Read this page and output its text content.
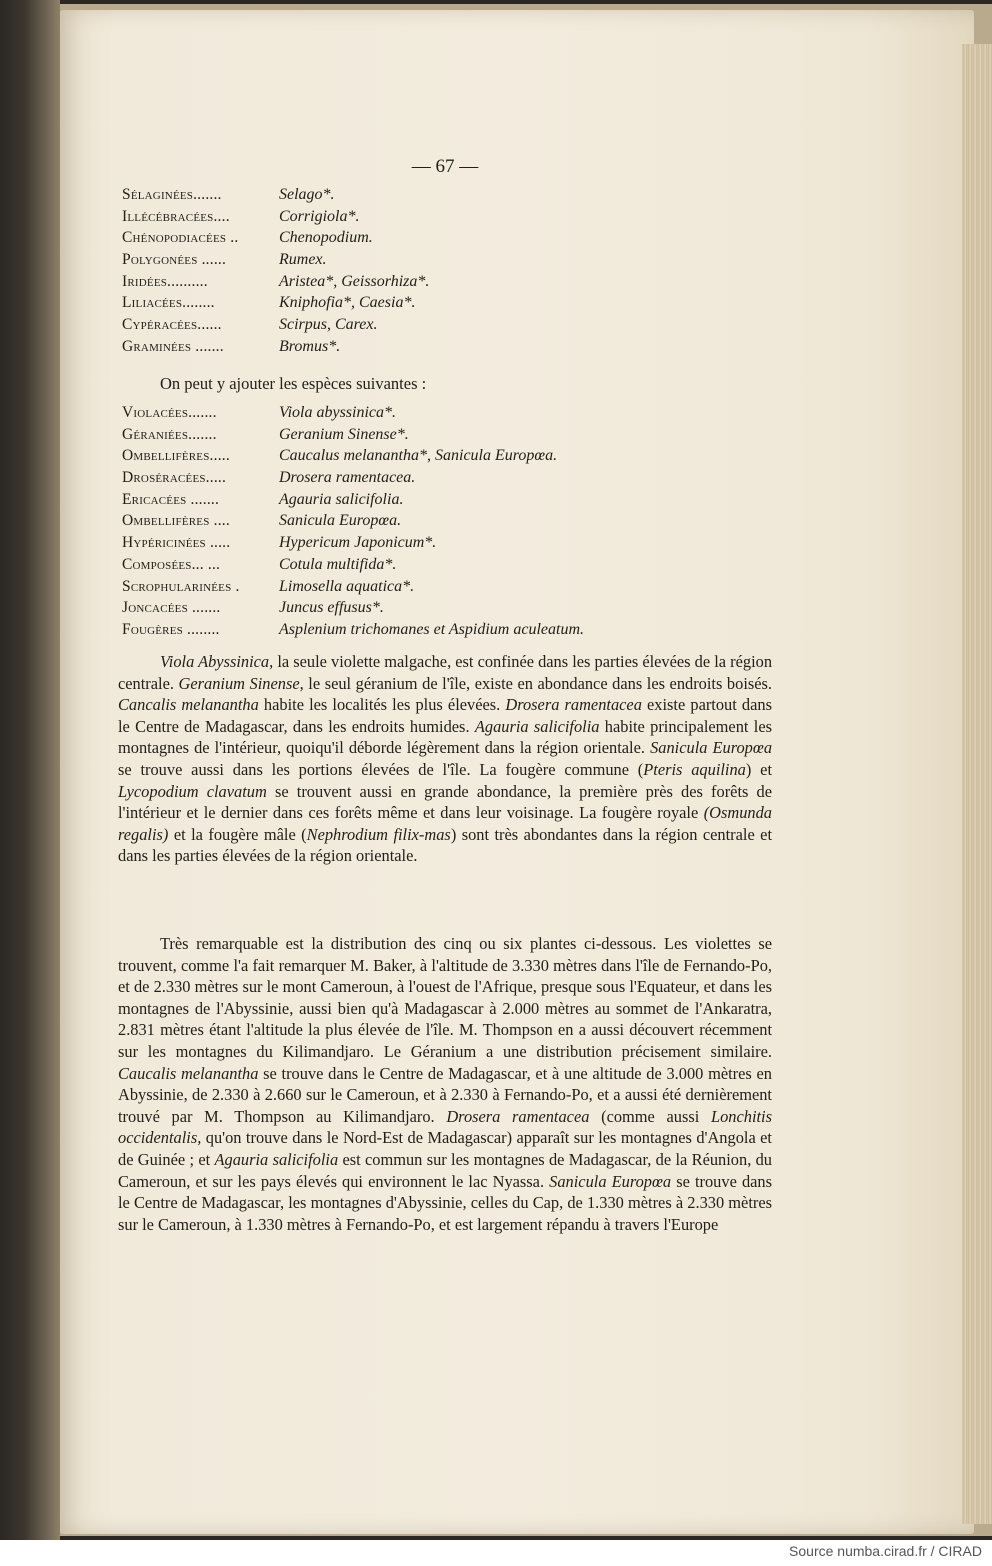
— 67 —
Sélaginées.......	Selago*.
Illécébracées....	Corrigiola*.
Chénopodiacées ..	Chenopodium.
Polygonées ......	Rumex.
Iridées..........	Aristea*, Geissorhiza*.
Liliacées........	Kniphofia*, Caesia*.
Cypéracées......	Scirpus, Carex.
Graminées .......	Bromus*.
On peut y ajouter les espèces suivantes :
Violacées.......	Viola abyssinica*.
Géraniées.......	Geranium Sinense*.
Ombellifères.....	Caucalus melanantha*, Sanicula Europœa.
Droséracées.....	Drosera ramentacea.
Ericacées .......	Agauria salicifolia.
Ombellifères ....	Sanicula Europœa.
Hypéricinées .....	Hypericum Japonicum*.
Composées... ...	Cotula multifida*.
Scrophularinées . Limosella aquatica*.
Joncacées .......	Juncus effusus*.
Fougères ........	Asplenium trichomanes et Aspidium aculeatum.
Viola Abyssinica, la seule violette malgache, est confinée dans les parties élevées de la région centrale. Geranium Sinense, le seul géranium de l'île, existe en abondance dans les endroits boisés. Cancalis melanantha habite les localités les plus élevées. Drosera ramentacea existe partout dans le Centre de Madagascar, dans les endroits humides. Agauria salicifolia habite principalement les montagnes de l'intérieur, quoiqu'il déborde légèrement dans la région orientale. Sanicula Europœa se trouve aussi dans les portions élevées de l'île. La fougère commune (Pteris aquilina) et Lycopodium clavatum se trouvent aussi en grande abondance, la première près des forêts de l'intérieur et le dernier dans ces forêts même et dans leur voisinage. La fougère royale (Osmunda regalis) et la fougère mâle (Nephrodium filix-mas) sont très abondantes dans la région centrale et dans les parties élevées de la région orientale.
Très remarquable est la distribution des cinq ou six plantes ci-dessous. Les violettes se trouvent, comme l'a fait remarquer M. Baker, à l'altitude de 3.330 mètres dans l'île de Fernando-Po, et de 2.330 mètres sur le mont Cameroun, à l'ouest de l'Afrique, presque sous l'Equateur, et dans les montagnes de l'Abyssinie, aussi bien qu'à Madagascar à 2.000 mètres au sommet de l'Ankaratra, 2.831 mètres étant l'altitude la plus élevée de l'île. M. Thompson en a aussi découvert récemment sur les montagnes du Kilimandjaro. Le Géranium a une distribution précisement similaire. Caucalis melanantha se trouve dans le Centre de Madagascar, et à une altitude de 3.000 mètres en Abyssinie, de 2.330 à 2.660 sur le Cameroun, et à 2.330 à Fernando-Po, et a aussi été dernièrement trouvé par M. Thompson au Kilimandjaro. Drosera ramentacea (comme aussi Lonchitis occidentalis, qu'on trouve dans le Nord-Est de Madagascar) apparaît sur les montagnes d'Angola et de Guinée ; et Agauria salicifolia est commun sur les montagnes de Madagascar, de la Réunion, du Cameroun, et sur les pays élevés qui environnent le lac Nyassa. Sanicula Europœa se trouve dans le Centre de Madagascar, les montagnes d'Abyssinie, celles du Cap, de 1.330 mètres à 2.330 mètres sur le Cameroun, à 1.330 mètres à Fernando-Po, et est largement répandu à travers l'Europe
Source numba.cirad.fr / CIRAD
